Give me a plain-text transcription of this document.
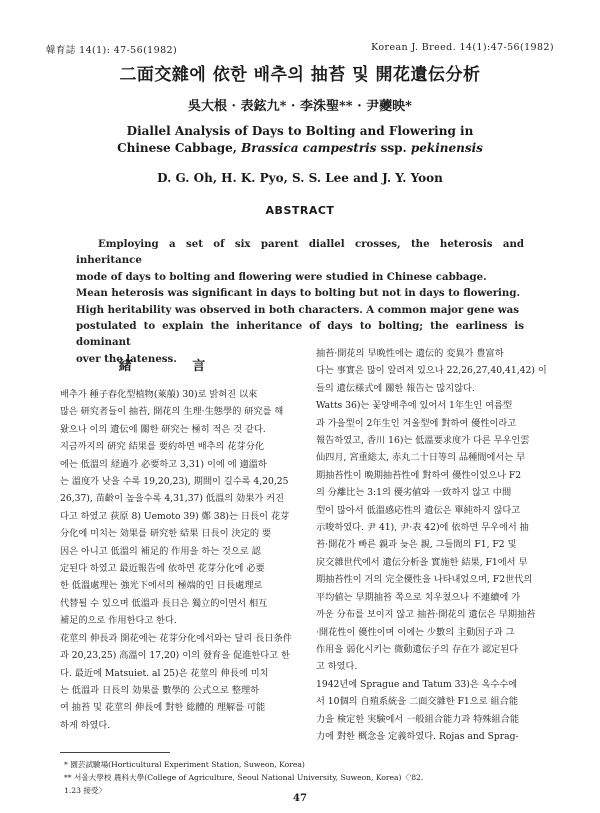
韓育誌 14(1): 47-56(1982)	Korean J. Breed. 14(1):47-56(1982)
二面交雜에 依한 배추의 抽苔 및 開花遺伝分析
吳大根 · 表鉉九* · 李洙聖** · 尹虁映*
Diallel Analysis of Days to Bolting and Flowering in
Chinese Cabbage, Brassica campestris ssp. pekinensis
D. G. Oh, H. K. Pyo, S. S. Lee and J. Y. Yoon
ABSTRACT

Employing a set of six parent diallel crosses, the heterosis and inheritance

mode of days to bolting and flowering were studied in Chinese cabbage.

Mean heterosis was significant in days to bolting but not in days to flowering.

High heritability was observed in both characters. A common major gene was

postulated to explain the inheritance of days to bolting; the earliness is dominant

over the lateness.

緒 言

배추가 種子春化型植物(萊菔) 30)로 밝혀진 以來

많은 研究者들이 抽苔, 開花의 生理·生態學的 研究를 해

왔으나 이의 遺伝에 關한 研究는 極히 적은 것 같다.

지금까지의 硏究 結果를 要約하면 배추의 花芽分化

에는 低溫의 経過가 必要하고 3,31) 이에 에 適溫하

는 溫度가 낮을 수록 19,20,23), 期間이 길수록 4,20,25

26,37), 苗齡이 높을수록 4,31,37) 低溫의 効果가 커진

다고 하였고 荻原 8) Uemoto 39) 鄭 38)는 日長이 花芽

分化에 미치는 効果를 研究한 結果 日長이 決定的 要

因은 아니고 低溫의 補足的 作用을 하는 것으로 認

定된다 하였고 最近報告에 依하면 花芽分化에 必要

한 低溫處理는 強光下에서의 極端的인 日長處理로

代替될 수 있으며 低溫과 長日은 獨立的이면서 相互

補足的으로 作用한다고 한다.

花莖의 伸長과 開花에는 花芽分化에서와는 달리 長日条件

과 20,23,25) 高溫이 17,20) 이의 發育을 促進한다고 한

다. 最近에 Matsuiet. al 25)은 花莖의 伸長에 미치

는 低溫과 日長의 効果를 數學的 公式으로 整理하

여 抽苔 및 花莖의 伸長에 對한 総體的 理解를 可能

하게 하였다.

抽苔·開花의 早晩性에는 遺伝的 変異가 豊富하

다는 事實은 많이 알려져 있으나 22,26,27,40,41,42) 이

들의 遺伝様式에 關한 報告는 많지않다.

Watts 36)는 꽃양배추에 있어서 1年生인 여름型

과 가을型이 2年生인 겨울型에 對하여 優性이라고

報告하였고, 香川 16)는 低溫要求度가 다른 무우인雲

仙四月, 宮重総太, 赤丸二十日等의 品種間에서는 早

期抽苔性이 晩期抽苔性에 對하여 優性이었으나 F2

의 分離比는 3:1의 優劣値와 一致하지 않고 中間

型이 많아서 低溫感応性의 遺伝은 單純하지 않다고

示唆하였다. 尹 41), 尹·表 42)에 依하면 무우에서 抽

苔·開花가 빠른 親과 늦은 親, 그들間의 F1, F2 및

戻交雜世代에서 遺伝分析을 實施한 結果, F1에서 早

期抽苔性이 거의 完全優性을 나타내었으며, F2世代의

平均値는 早期抽苔 쪽으로 치우쳤으나 不連續에 가

까운 分布를 보이지 않고 抽苔·開花의 遺伝은 早期抽苔

·開花性이 優性이며 이에는 少數의 主動因子과 그

作用을 弱化시키는 微動遺伝子의 存在가 認定된다

고 하였다.

1942년에 Sprague and Tatum 33)은 옥수수에

서 10個의 自殖系統을 二面交雜한 F1으로 組合能

力을 検定한 実験에서 一般組合能力과 特殊組合能

力에 對한 概念을 定義하였다. Rojas and Sprag-

* 園芸試驗場(Horticultural Experiment Station, Suweon, Korea)

** 서울大學校 農科大學(College of Agriculture, Seoul National University, Suweon, Korea)〈'82.

1.23 接受〉

47
